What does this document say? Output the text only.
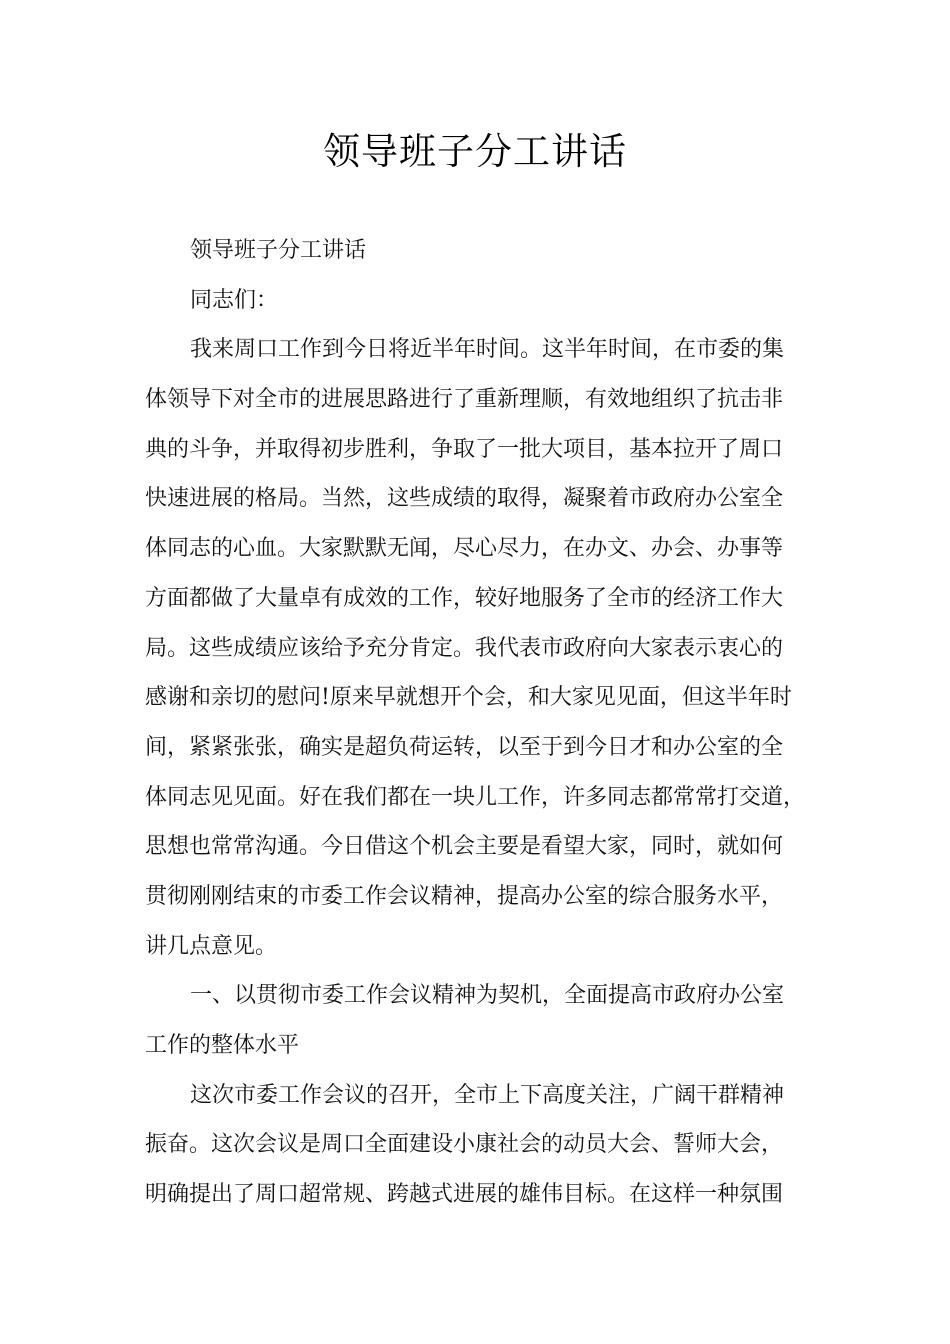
领导班子分工讲话
领导班子分工讲话
同志们：
我来周口工作到今日将近半年时间。这半年时间，在市委的集
体领导下对全市的进展思路进行了重新理顺，有效地组织了抗击非
典的斗争，并取得初步胜利，争取了一批大项目，基本拉开了周口
快速进展的格局。当然，这些成绩的取得，凝聚着市政府办公室全
体同志的心血。大家默默无闻，尽心尽力，在办文、办会、办事等
方面都做了大量卓有成效的工作，较好地服务了全市的经济工作大
局。这些成绩应该给予充分肯定。我代表市政府向大家表示衷心的
感谢和亲切的慰问!原来早就想开个会，和大家见见面，但这半年时
间，紧紧张张，确实是超负荷运转，以至于到今日才和办公室的全
体同志见见面。好在我们都在一块儿工作，许多同志都常常打交道，
思想也常常沟通。今日借这个机会主要是看望大家，同时，就如何
贯彻刚刚结束的市委工作会议精神，提高办公室的综合服务水平，
讲几点意见。
一、以贯彻市委工作会议精神为契机，全面提高市政府办公室
工作的整体水平
这次市委工作会议的召开，全市上下高度关注，广阔干群精神
振奋。这次会议是周口全面建设小康社会的动员大会、誓师大会，
明确提出了周口超常规、跨越式进展的雄伟目标。在这样一种氛围
